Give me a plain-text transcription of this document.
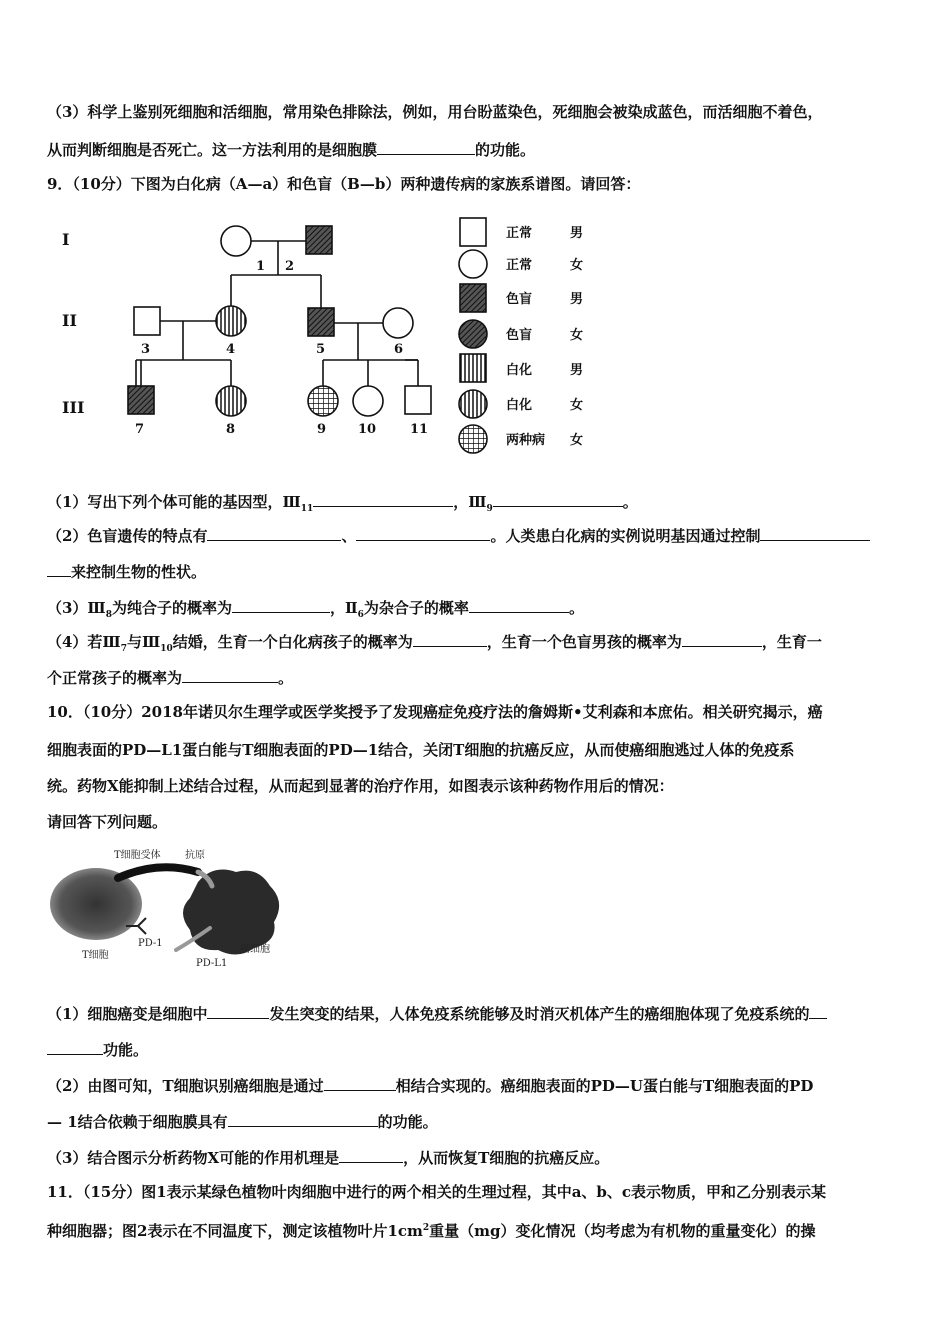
（3）科学上鉴别死细胞和活细胞，常用染色排除法，例如，用台盼蓝染色，死细胞会被染成蓝色，而活细胞不着色，
从而判断细胞是否死亡。这一方法利用的是细胞膜	的功能。
9．（10分）下图为白化病（A—a）和色盲（B—b）两种遗传病的家族系谱图。请回答：
I
II
III
1 2
3	4	5	6
7	8	9 10	11
正常	男
正常	女
色盲	男
色盲	女
白化	男
白化	女
两种病 女
（1）写出下列个体可能的基因型，$Ⅲ_{11}$	，$Ⅲ_9$	。
（2）色盲遗传的特点有	、	。人类患白化病的实例说明基因通过控制
来控制生物的性状。
$(3)Ⅲ_8$为纯合子的概率为	，$Ⅱ_6$为杂合子的概率	。
（4）若$Ⅲ_7$与$Ⅲ_{10}$结婚，生育一个白化病孩子的概率为	，生育一个色盲男孩的概率为	，生育一
个正常孩子的概率为	。
10．（10分）2018年诺贝尔生理学或医学奖授予了发现癌症免疫疗法的詹姆斯•艾利森和本庶佑。相关研究揭示，癌
细胞表面的PD—L1蛋白能与T细胞表面的PD—1结合，关闭T细胞的抗癌反应，从而使癌细胞逃过人体的免疫系
统。药物X能抑制上述结合过程，从而起到显著的治疗作用，如图表示该种药物作用后的情况：
请回答下列问题。
T细胞受体 抗原
PD-1
T细胞
PD-L1
癌细胞
（1）细胞癌变是细胞中	发生突变的结果，人体免疫系统能够及时消灭机体产生的癌细胞体现了免疫系统的
功能。
（2）由图可知，T细胞识别癌细胞是通过	相结合实现的。癌细胞表面的PD—U蛋白能与T细胞表面的PD
— 1结合依赖于细胞膜具有	的功能。
（3）结合图示分析药物X可能的作用机理是	，从而恢复T细胞的抗癌反应。
11．（15分）图1表示某绿色植物叶肉细胞中进行的两个相关的生理过程，其中a、b、c表示物质，甲和乙分别表示某
种细胞器；图2表示在不同温度下，测定该植物叶片$1cm^2$重量（mg）变化情况（均考虑为有机物的重量变化）的操
